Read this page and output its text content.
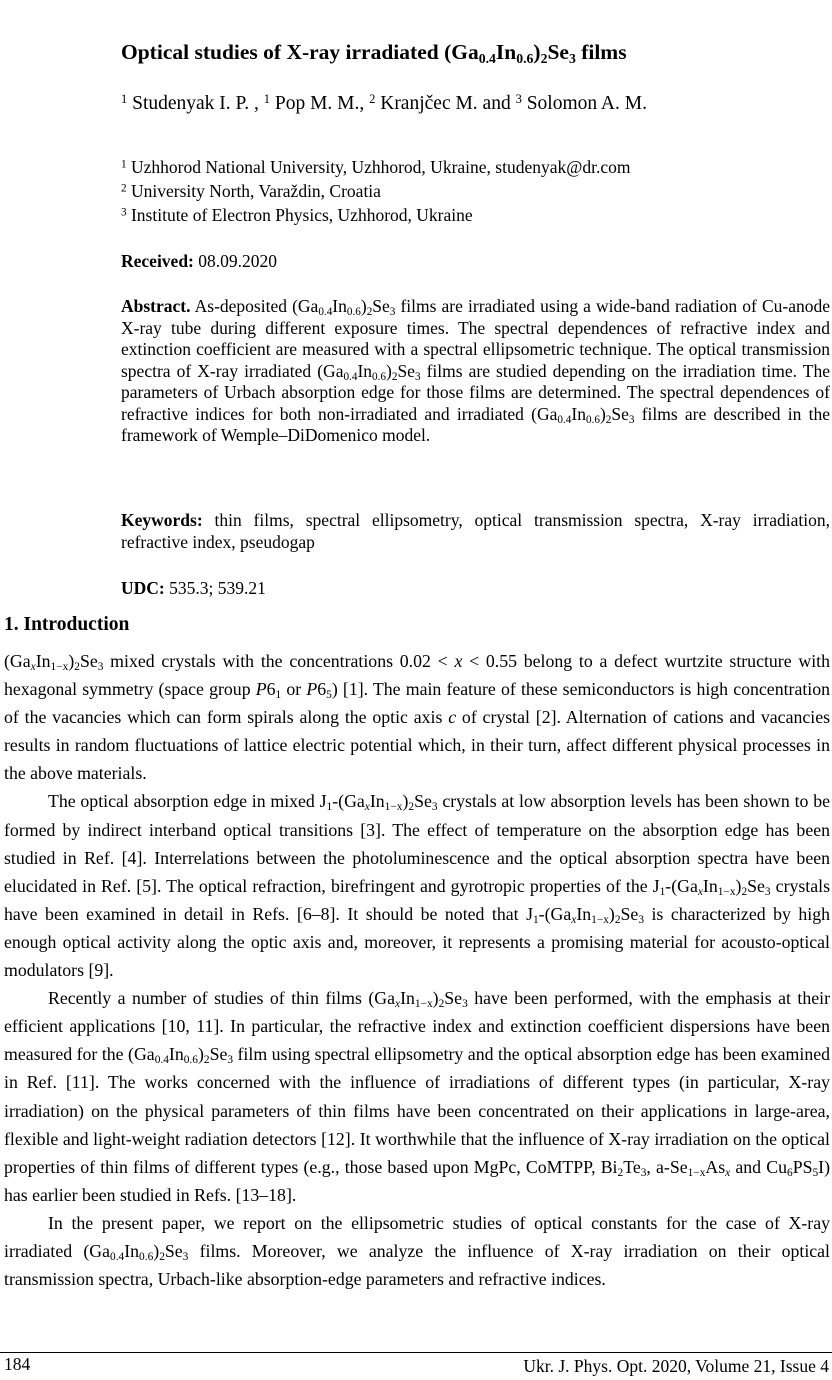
Optical studies of X-ray irradiated $(Ga_{0.4}In_{0.6})_2Se_3$ films
$^1$ Studenyak I. P. , $^1$ Pop M. M., $^2$ Kranjčec M. and $^3$ Solomon A. M.
$^1$ Uzhhorod National University, Uzhhorod, Ukraine, studenyak@dr.com
$^2$ University North, Varaždin, Croatia
$^3$ Institute of Electron Physics, Uzhhorod, Ukraine
Received: 08.09.2020
Abstract. As-deposited $(Ga_{0.4}In_{0.6})_2Se_3$ films are irradiated using a wide-band radiation of Cu-anode X-ray tube during different exposure times. The spectral dependences of refractive index and extinction coefficient are measured with a spectral ellipsometric technique. The optical transmission spectra of X-ray irradiated $(Ga_{0.4}In_{0.6})_2Se_3$ films are studied depending on the irradiation time. The parameters of Urbach absorption edge for those films are determined. The spectral dependences of refractive indices for both non-irradiated and irradiated $(Ga_{0.4}In_{0.6})_2Se_3$ films are described in the framework of Wemple–DiDomenico model.
Keywords: thin films, spectral ellipsometry, optical transmission spectra, X-ray irradiation, refractive index, pseudogap
UDC: 535.3; 539.21
1. Introduction

$(Ga_xIn_{1-x})_2Se_3$ mixed crystals with the concentrations 0.02 < x < 0.55 belong to a defect wurtzite structure with hexagonal symmetry (space group $P6_1$ or $P6_5$) [1]. The main feature of these semiconductors is high concentration of the vacancies which can form spirals along the optic axis c of crystal [2]. Alternation of cations and vacancies results in random fluctuations of lattice electric potential which, in their turn, affect different physical processes in the above materials.

The optical absorption edge in mixed $J_1-(Ga_xIn_{1-x})_2Se_3$ crystals at low absorption levels has been shown to be formed by indirect interband optical transitions [3]. The effect of temperature on the absorption edge has been studied in Ref. [4]. Interrelations between the photoluminescence and the optical absorption spectra have been elucidated in Ref. [5]. The optical refraction, birefringent and gyrotropic properties of the $J_1-(Ga_xIn_{1-x})_2Se_3$ crystals have been examined in detail in Refs. [6–8]. It should be noted that $J_1-(Ga_xIn_{1-x})_2Se_3$ is characterized by high enough optical activity along the optic axis and, moreover, it represents a promising material for acousto-optical modulators [9].

Recently a number of studies of thin films $(Ga_xIn_{1-x})_2Se_3$ have been performed, with the emphasis at their efficient applications [10, 11]. In particular, the refractive index and extinction coefficient dispersions have been measured for the $(Ga_{0.4}In_{0.6})_2Se_3$ film using spectral ellipsometry and the optical absorption edge has been examined in Ref. [11]. The works concerned with the influence of irradiations of different types (in particular, X-ray irradiation) on the physical parameters of thin films have been concentrated on their applications in large-area, flexible and light-weight radiation detectors [12]. It worthwhile that the influence of X-ray irradiation on the optical properties of thin films of different types (e.g., those based upon MgPc, CoMTPP, $Bi_2Te_3$, $a-Se_{1-x}As_x$ and $Cu_6PS_5I$) has earlier been studied in Refs. [13–18].

In the present paper, we report on the ellipsometric studies of optical constants for the case of X-ray irradiated $(Ga_{0.4}In_{0.6})_2Se_3$ films. Moreover, we analyze the influence of X-ray irradiation on their optical transmission spectra, Urbach-like absorption-edge parameters and refractive indices.

184	Ukr. J. Phys. Opt. 2020, Volume 21, Issue 4
